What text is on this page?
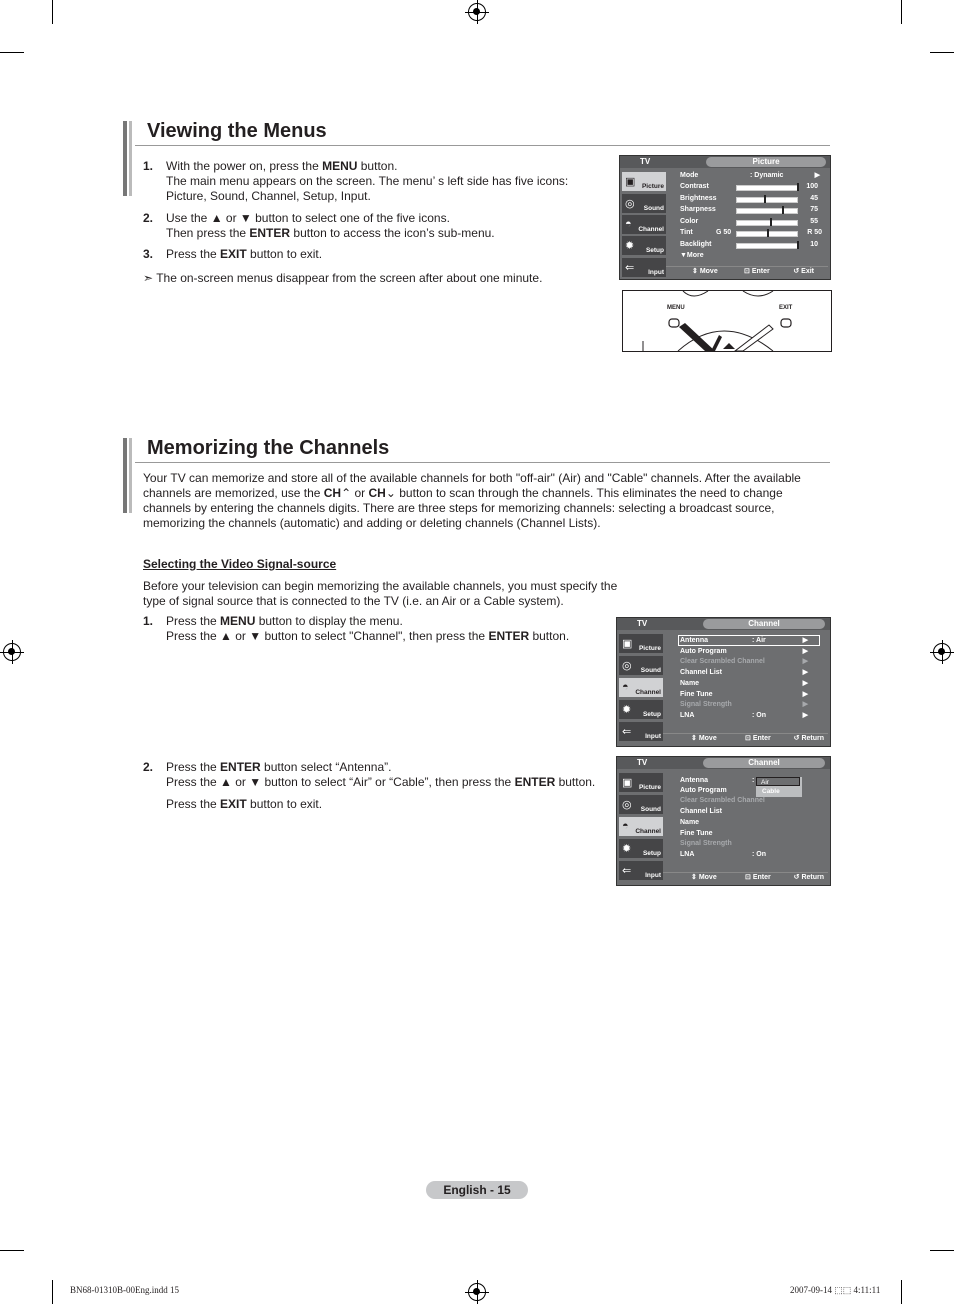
Viewing the Menus
1. With the power on, press the MENU button.
The main menu appears on the screen. The menu’ s left side has five icons:
Picture, Sound, Channel, Setup, Input.
2. Use the ▲ or ▼ button to select one of the five icons.
Then press the ENTER button to access the icon’s sub-menu.
3. Press the EXIT button to exit.
➣ The on-screen menus disappear from the screen after about one minute.
TV	Picture
▣ Picture
◎ Sound
◓ Channel
✹ Setup
⇐ Input
Mode	: Dynamic	▶
Contrast	100
Brightness	45
Sharpness	75
Color	55
Tint	G 50	R 50
Backlight	10
▼More
⇕ Move	⊡ Enter	↺ Exit
MENU	EXIT
Memorizing the Channels
Your TV can memorize and store all of the available channels for both "off-air" (Air) and "Cable" channels. After the available
channels are memorized, use the CH⌃ or CH⌄ button to scan through the channels. This eliminates the need to change
channels by entering the channels digits. There are three steps for memorizing channels: selecting a broadcast source,
memorizing the channels (automatic) and adding or deleting channels (Channel Lists).
Selecting the Video Signal-source
Before your television can begin memorizing the available channels, you must specify the
type of signal source that is connected to the TV (i.e. an Air or a Cable system).
1. Press the MENU button to display the menu.
Press the ▲ or ▼ button to select "Channel", then press the ENTER button.
2. Press the ENTER button select “Antenna”.
Press the ▲ or ▼ button to select “Air” or “Cable”, then press the ENTER button.
Press the EXIT button to exit.
TV	Channel
▣ Picture
◎ Sound
◓ Channel
✹ Setup
⇐ Input
Antenna	: Air	▶
Auto Program	▶
Clear Scrambled Channel	▶
Channel List	▶
Name	▶
Fine Tune	▶
Signal Strength	▶
LNA	: On	▶
⇕ Move	⊡ Enter	↺ Return
TV	Channel
▣ Picture
◎ Sound
◓ Channel
✹ Setup
⇐ Input
Antenna	:
Auto Program
Clear Scrambled Channel
Channel List
Name
Fine Tune
Signal Strength
LNA	: On
Air
Cable
⇕ Move	⊡ Enter	↺ Return
English - 15
BN68-01310B-00Eng.indd 15	2007-09-14 ⬚⬚ 4:11:11
